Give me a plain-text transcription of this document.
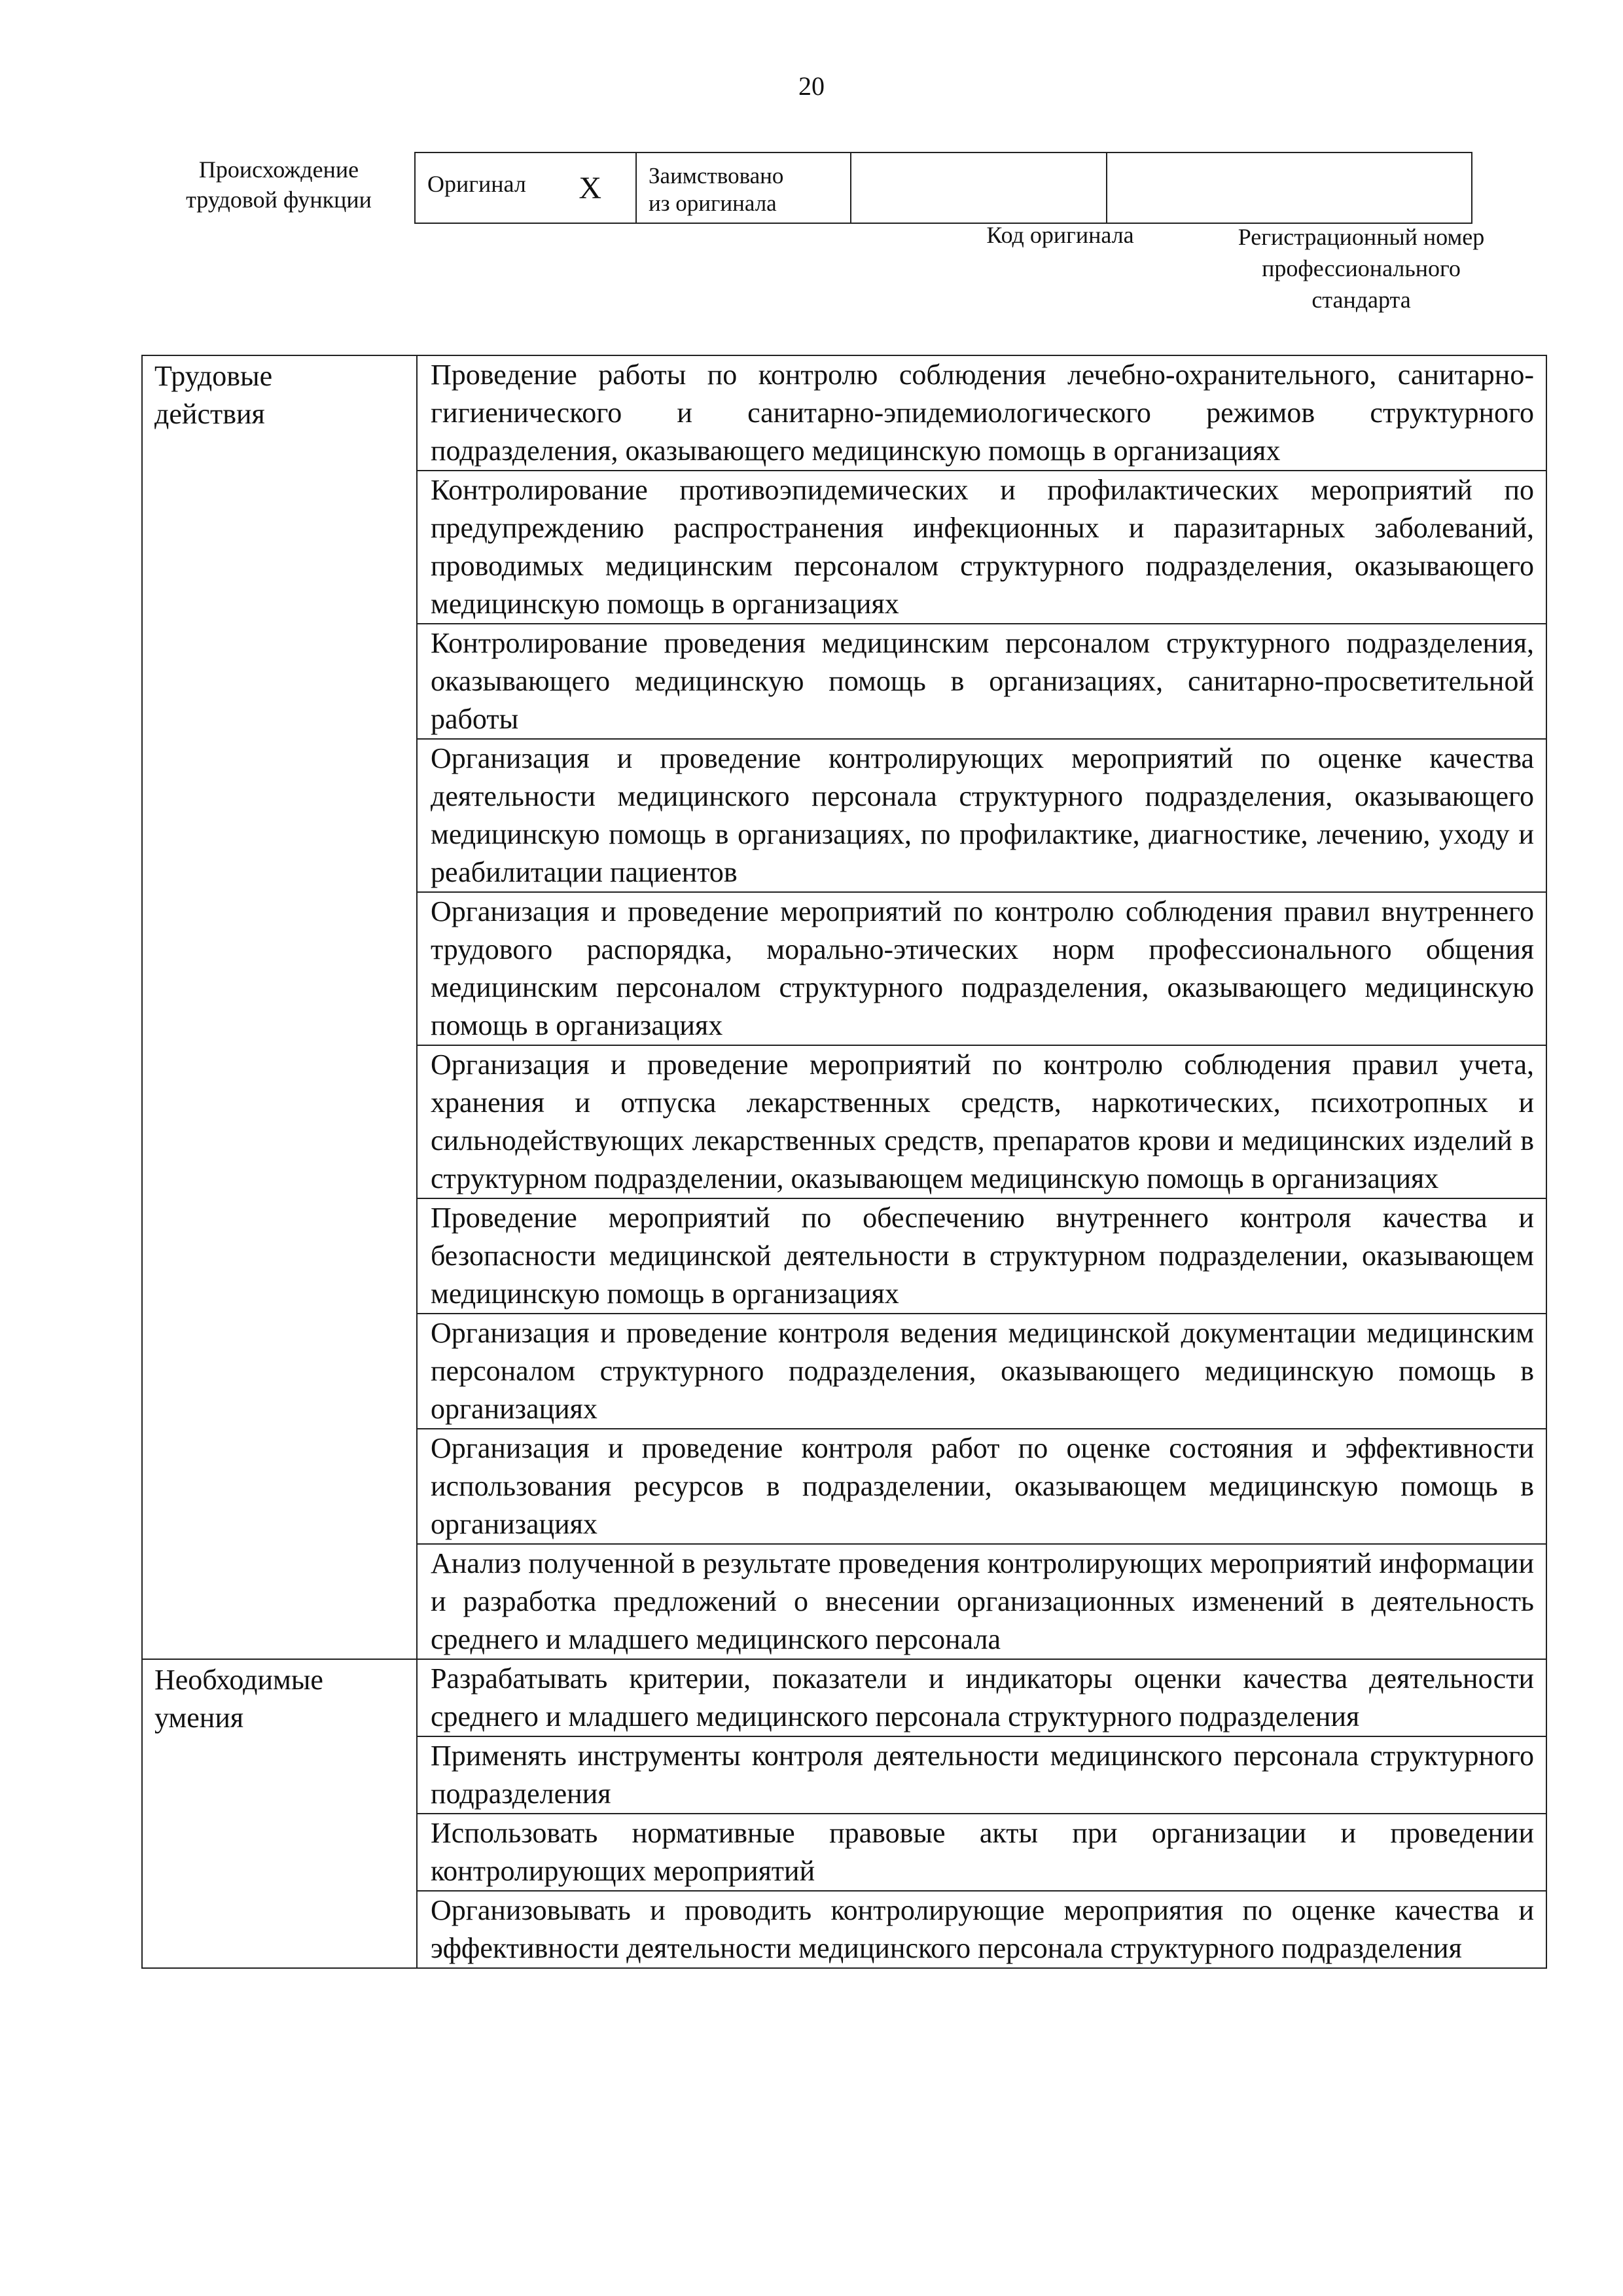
20
Происхождение
трудовой функции
Оригинал X	Заимствовано
из оригинала

Код оригинала	Регистрационный номер
профессионального
стандарта
Трудовые
действия	Проведение работы по контролю соблюдения лечебно-охранительного, санитарно-гигиенического и санитарно-эпидемиологического режимов структурного подразделения, оказывающего медицинскую помощь в организациях
	Контролирование противоэпидемических и профилактических мероприятий по предупреждению распространения инфекционных и паразитарных заболеваний, проводимых медицинским персоналом структурного подразделения, оказывающего медицинскую помощь в организациях
	Контролирование проведения медицинским персоналом структурного подразделения, оказывающего медицинскую помощь в организациях, санитарно-просветительной работы
	Организация и проведение контролирующих мероприятий по оценке качества деятельности медицинского персонала структурного подразделения, оказывающего медицинскую помощь в организациях, по профилактике, диагностике, лечению, уходу и реабилитации пациентов
	Организация и проведение мероприятий по контролю соблюдения правил внутреннего трудового распорядка, морально-этических норм профессионального общения медицинским персоналом структурного подразделения, оказывающего медицинскую помощь в организациях
	Организация и проведение мероприятий по контролю соблюдения правил учета, хранения и отпуска лекарственных средств, наркотических, психотропных и сильнодействующих лекарственных средств, препаратов крови и медицинских изделий в структурном подразделении, оказывающем медицинскую помощь в организациях
	Проведение мероприятий по обеспечению внутреннего контроля качества и безопасности медицинской деятельности в структурном подразделении, оказывающем медицинскую помощь в организациях
	Организация и проведение контроля ведения медицинской документации медицинским персоналом структурного подразделения, оказывающего медицинскую помощь в организациях
	Организация и проведение контроля работ по оценке состояния и эффективности использования ресурсов в подразделении, оказывающем медицинскую помощь в организациях
	Анализ полученной в результате проведения контролирующих мероприятий информации и разработка предложений о внесении организационных изменений в деятельность среднего и младшего медицинского персонала

Необходимые
умения	Разрабатывать критерии, показатели и индикаторы оценки качества деятельности среднего и младшего медицинского персонала структурного подразделения
	Применять инструменты контроля деятельности медицинского персонала структурного подразделения
	Использовать нормативные правовые акты при организации и проведении контролирующих мероприятий
	Организовывать и проводить контролирующие мероприятия по оценке качества и эффективности деятельности медицинского персонала структурного подразделения
